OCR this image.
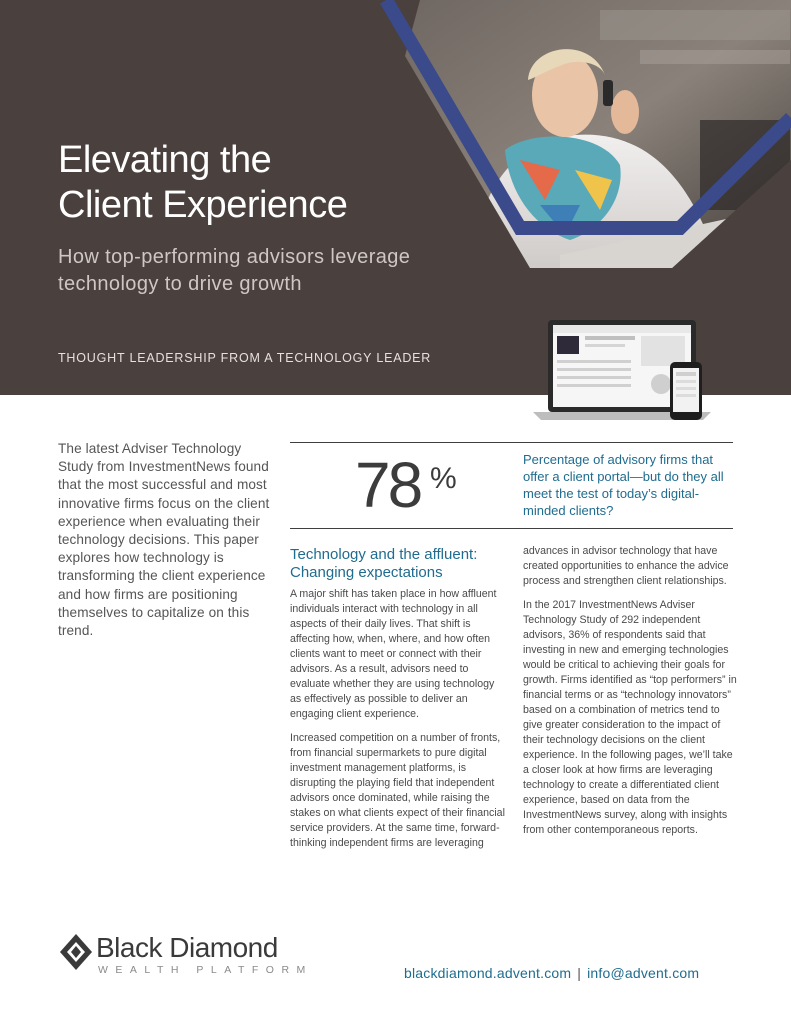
Elevating the
Client Experience
How top-performing advisors leverage
technology to drive growth
THOUGHT LEADERSHIP FROM A TECHNOLOGY LEADER
The latest Adviser Technology Study from InvestmentNews found that the most successful and most innovative firms focus on the client experience when evaluating their technology decisions. This paper explores how technology is transforming the client experience and how firms are positioning themselves to capitalize on this trend.
78 %
Percentage of advisory firms that offer a client portal—but do they all meet the test of today’s digital-minded clients?
Technology and the affluent:
Changing expectations

A major shift has taken place in how affluent individuals interact with technology in all aspects of their daily lives. That shift is affecting how, when, where, and how often clients want to meet or connect with their advisors. As a result, advisors need to evaluate whether they are using technology as effectively as possible to deliver an engaging client experience.

Increased competition on a number of fronts, from financial supermarkets to pure digital investment management platforms, is disrupting the playing field that independent advisors once dominated, while raising the stakes on what clients expect of their financial service providers. At the same time, forward-thinking independent firms are leveraging

advances in advisor technology that have created opportunities to enhance the advice process and strengthen client relationships.

In the 2017 InvestmentNews Adviser Technology Study of 292 independent advisors, 36% of respondents said that investing in new and emerging technologies would be critical to achieving their goals for growth. Firms identified as “top performers” in financial terms or as “technology innovators” based on a combination of metrics tend to give greater consideration to the impact of their technology decisions on the client experience. In the following pages, we’ll take a closer look at how firms are leveraging technology to create a differentiated client experience, based on data from the InvestmentNews survey, along with insights from other contemporaneous reports.

Black Diamond
WEALTH PLATFORM	blackdiamond.advent.com | info@advent.com
